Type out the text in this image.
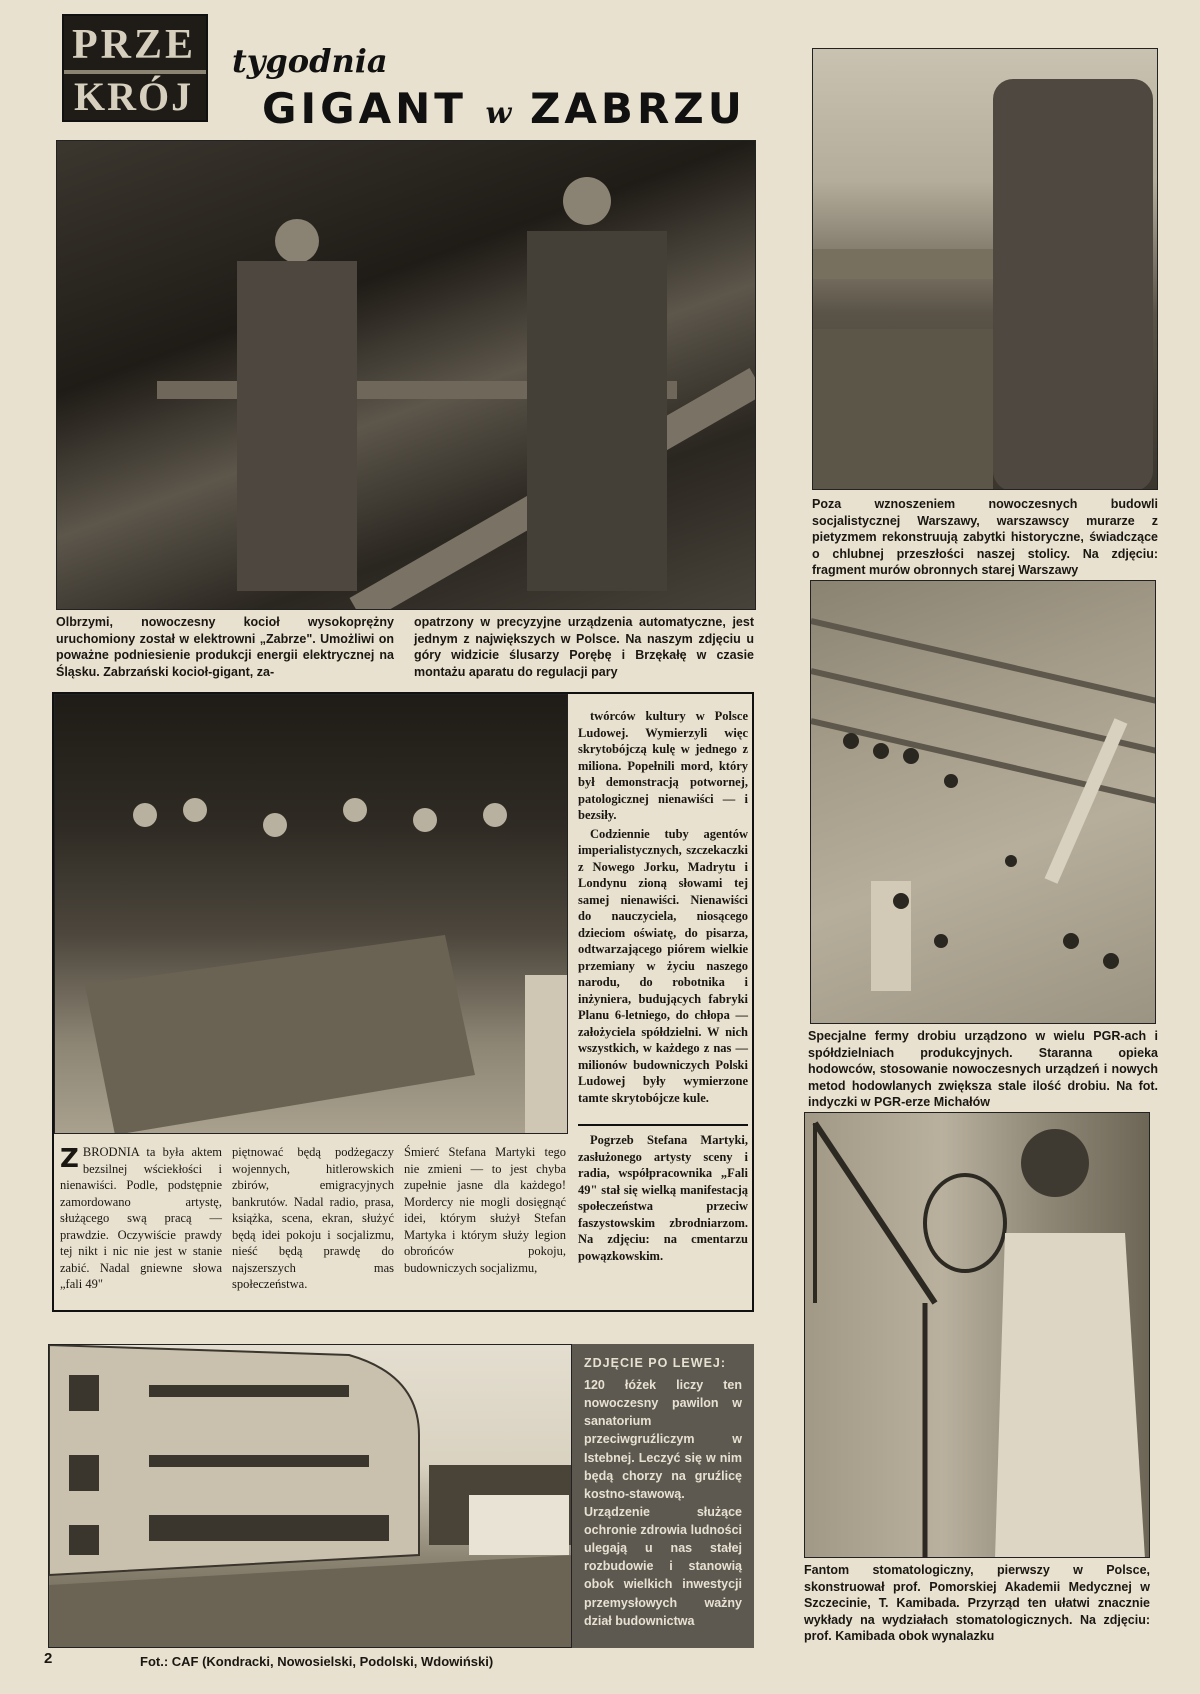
PRZE
KRÓJ
tygodnia
GIGANT w ZABRZU
Olbrzymi, nowoczesny kocioł wysokoprężny uruchomiony został w elektrowni „Zabrze". Umożliwi on poważne podniesienie produkcji energii elektrycznej na Śląsku. Zabrzański kocioł-gigant, za-
opatrzony w precyzyjne urządzenia automatyczne, jest jednym z największych w Polsce. Na naszym zdjęciu u góry widzicie ślusarzy Porębę i Brzękałę w czasie montażu aparatu do regulacji pary
Poza wznoszeniem nowoczesnych budowli socjalistycznej Warszawy, warszawscy murarze z pietyzmem rekonstruują zabytki historyczne, świadczące o chlubnej przeszłości naszej stolicy. Na zdjęciu: fragment murów obronnych starej Warszawy
Specjalne fermy drobiu urządzono w wielu PGR-ach i spółdzielniach produkcyjnych. Staranna opieka hodowców, stosowanie nowoczesnych urządzeń i nowych metod hodowlanych zwiększa stale ilość drobiu. Na fot. indyczki w PGR-erze Michałów

twórców kultury w Polsce Ludowej. Wymierzyli więc skrytobójczą kulę w jednego z miliona. Popełnili mord, który był demonstracją potwornej, patologicznej nienawiści — i bezsiły.

Codziennie tuby agentów imperialistycznych, szczekaczki z Nowego Jorku, Madrytu i Londynu zioną słowami tej samej nienawiści. Nienawiści do nauczyciela, niosącego dzieciom oświatę, do pisarza, odtwarzającego piórem wielkie przemiany w życiu naszego narodu, do robotnika i inżyniera, budujących fabryki Planu 6-letniego, do chłopa — założyciela spółdzielni. W nich wszystkich, w każdego z nas — milionów budowniczych Polski Ludowej były wymierzone tamte skrytobójcze kule.

Pogrzeb Stefana Martyki, zasłużonego artysty sceny i radia, współpracownika „Fali 49" stał się wielką manifestacją społeczeństwa przeciw faszystowskim zbrodniarzom. Na zdjęciu: na cmentarzu powązkowskim.
ZBRODNIA ta była aktem bezsilnej wściekłości i nienawiści. Podle, podstępnie zamordowano artystę, służącego swą pracą — prawdzie. Oczywiście prawdy tej nikt i nic nie jest w stanie zabić. Nadal gniewne słowa „fali 49"
piętnować będą podżegaczy wojennych, hitlerowskich zbirów, emigracyjnych bankrutów. Nadal radio, prasa, książka, scena, ekran, służyć będą idei pokoju i socjalizmu, nieść będą prawdę do najszerszych mas społeczeństwa.
Śmierć Stefana Martyki tego nie zmieni — to jest chyba zupełnie jasne dla każdego! Mordercy nie mogli dosięgnąć idei, którym służył Stefan Martyka i którym służy legion obrońców pokoju, budowniczych socjalizmu,
ZDJĘCIE PO LEWEJ:
120 łóżek liczy ten nowoczesny pawilon w sanatorium przeciwgruźliczym w Istebnej. Leczyć się w nim będą chorzy na gruźlicę kostno-stawową. Urządzenie służące ochronie zdrowia ludności ulegają u nas stałej rozbudowie i stanowią obok wielkich inwestycji przemysłowych ważny dział budownictwa
Fantom stomatologiczny, pierwszy w Polsce, skonstruował prof. Pomorskiej Akademii Medycznej w Szczecinie, T. Kamibada. Przyrząd ten ułatwi znacznie wykłady na wydziałach stomatologicznych. Na zdjęciu: prof. Kamibada obok wynalazku
2	Fot.: CAF (Kondracki, Nowosielski, Podolski, Wdowiński)
